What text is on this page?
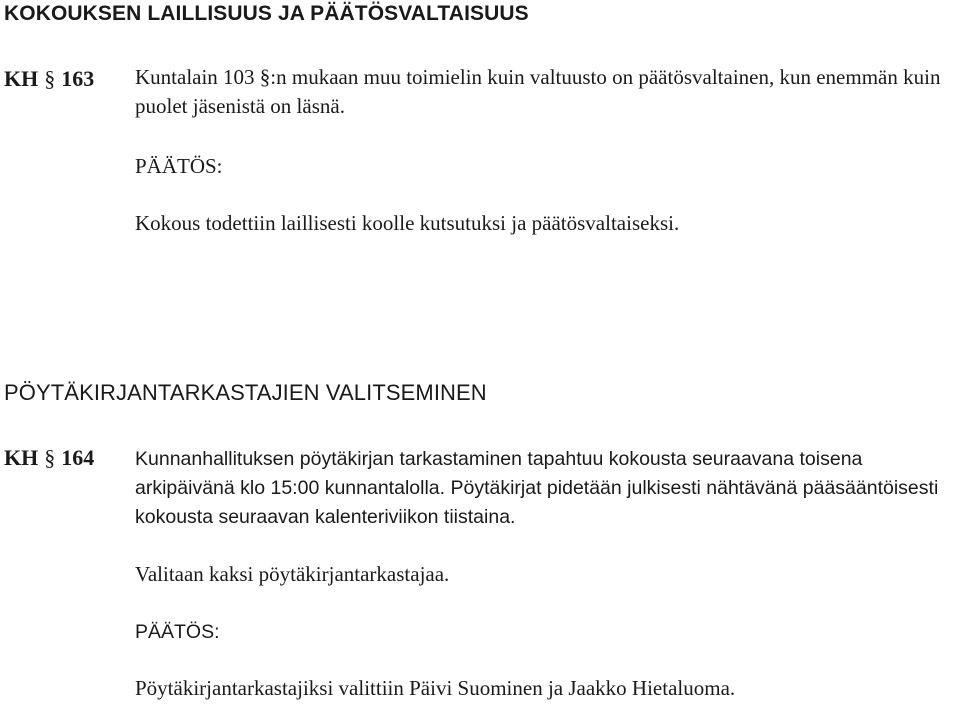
KOKOUKSEN LAILLISUUS JA PÄÄTÖSVALTAISUUS
KH § 163 Kuntalain 103 §:n mukaan muu toimielin kuin valtuusto on päätösvaltainen, kun enemmän kuin puolet jäsenistä on läsnä.

PÄÄTÖS:
Kokous todettiin laillisesti koolle kutsutuksi ja päätösvaltaiseksi.
PÖYTÄKIRJANTARKASTAJIEN VALITSEMINEN
KH § 164 Kunnanhallituksen pöytäkirjan tarkastaminen tapahtuu kokousta seuraavana toisena arkipäivänä klo 15:00 kunnantalolla. Pöytäkirjat pidetään julkisesti nähtävänä pääsääntöisesti kokousta seuraavan kalenteriviikon tiistaina.

Valitaan kaksi pöytäkirjantarkastajaa.
PÄÄTÖS:
Pöytäkirjantarkastajiksi valittiin Päivi Suominen ja Jaakko Hietaluoma.
